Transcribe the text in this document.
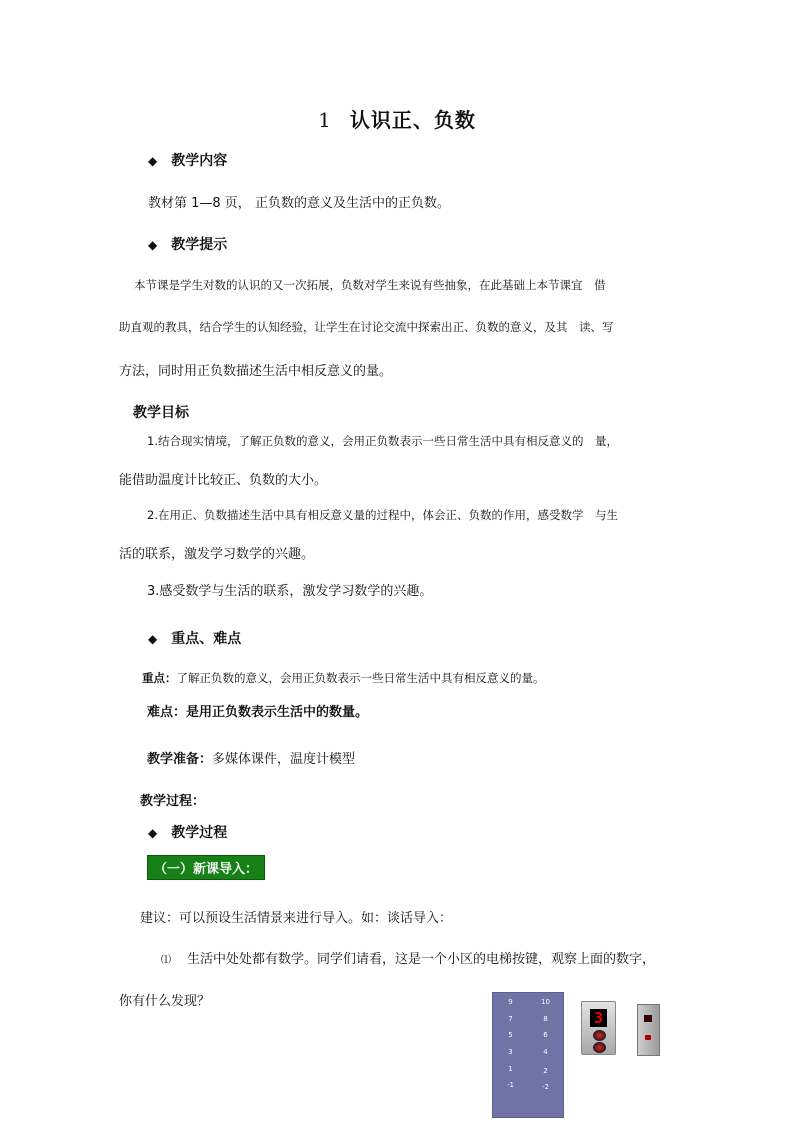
1 认识正、负数
◆ 教学内容
教材第 1—8 页， 正负数的意义及生活中的正负数。
◆ 教学提示
本节课是学生对数的认识的又一次拓展，负数对学生来说有些抽象，在此基础上本节课宜　借
助直观的教具，结合学生的认知经验，让学生在讨论交流中探索出正、负数的意义，及其　读、写
方法，同时用正负数描述生活中相反意义的量。
教学目标
1.结合现实情境，了解正负数的意义，会用正负数表示一些日常生活中具有相反意义的　量，
能借助温度计比较正、负数的大小。
2.在用正、负数描述生活中具有相反意义量的过程中，体会正、负数的作用，感受数学　与生
活的联系，激发学习数学的兴趣。
3.感受数学与生活的联系，激发学习数学的兴趣。
◆ 重点、难点
重点：了解正负数的意义，会用正负数表示一些日常生活中具有相反意义的量。
难点：是用正负数表示生活中的数量。
教学准备：多媒体课件，温度计模型
教学过程：
◆ 教学过程
（一）新课导入：
建议：可以预设生活情景来进行导入。如：谈话导入：
⑴ 生活中处处都有数学。同学们请看，这是一个小区的电梯按键，观察上面的数字，
你有什么发现？	9	10
7	8
5	6
3	4
1	2
-1	-2
3
